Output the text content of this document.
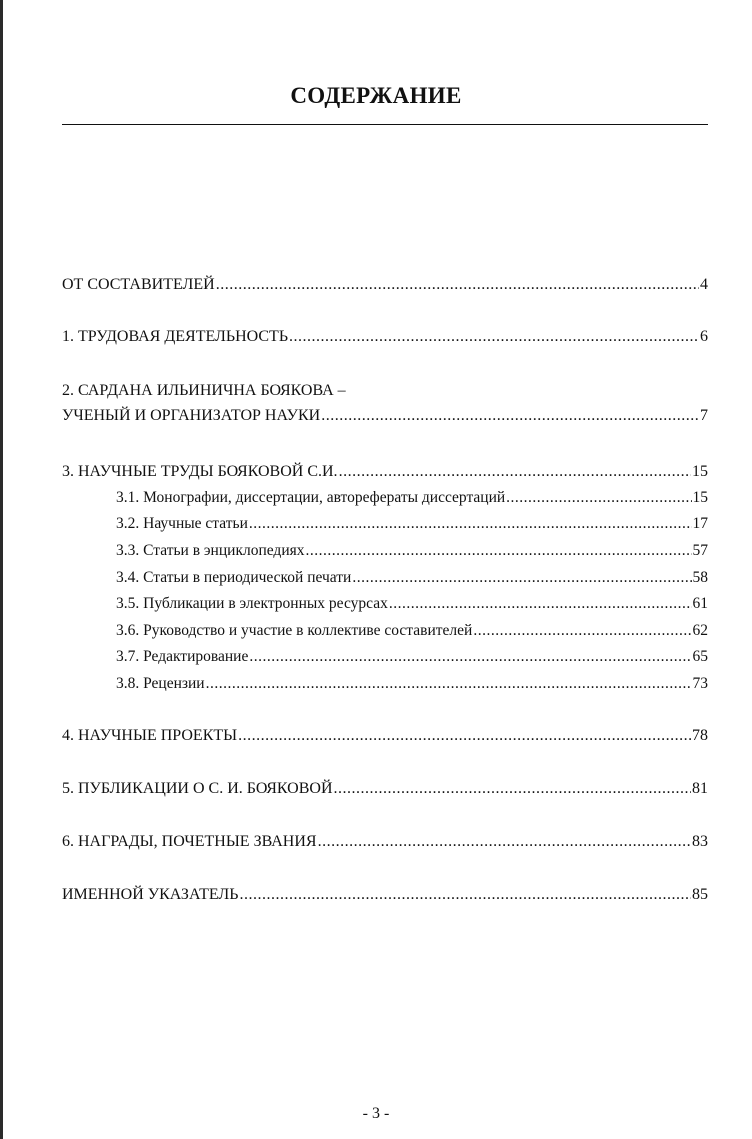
СОДЕРЖАНИЕ
ОТ СОСТАВИТЕЛЕЙ .....	4
1. ТРУДОВАЯ ДЕЯТЕЛЬНОСТЬ .....	6
2. САРДАНА ИЛЬИНИЧНА БОЯКОВА –
УЧЕНЫЙ И ОРГАНИЗАТОР НАУКИ .....	7
3. НАУЧНЫЕ ТРУДЫ БОЯКОВОЙ С.И. .....	15
3.1. Монографии, диссертации, авторефераты диссертаций .....	15
3.2. Научные статьи .....	17
3.3. Статьи в энциклопедиях .....	57
3.4. Статьи в периодической печати .....	58
3.5. Публикации в электронных ресурсах .....	61
3.6. Руководство и участие в коллективе составителей .....	62
3.7. Редактирование .....	65
3.8. Рецензии .....	73
4. НАУЧНЫЕ ПРОЕКТЫ .....	78
5. ПУБЛИКАЦИИ О С. И. БОЯКОВОЙ .....	81
6. НАГРАДЫ, ПОЧЕТНЫЕ ЗВАНИЯ .....	83
ИМЕННОЙ УКАЗАТЕЛЬ .....	85
- 3 -
